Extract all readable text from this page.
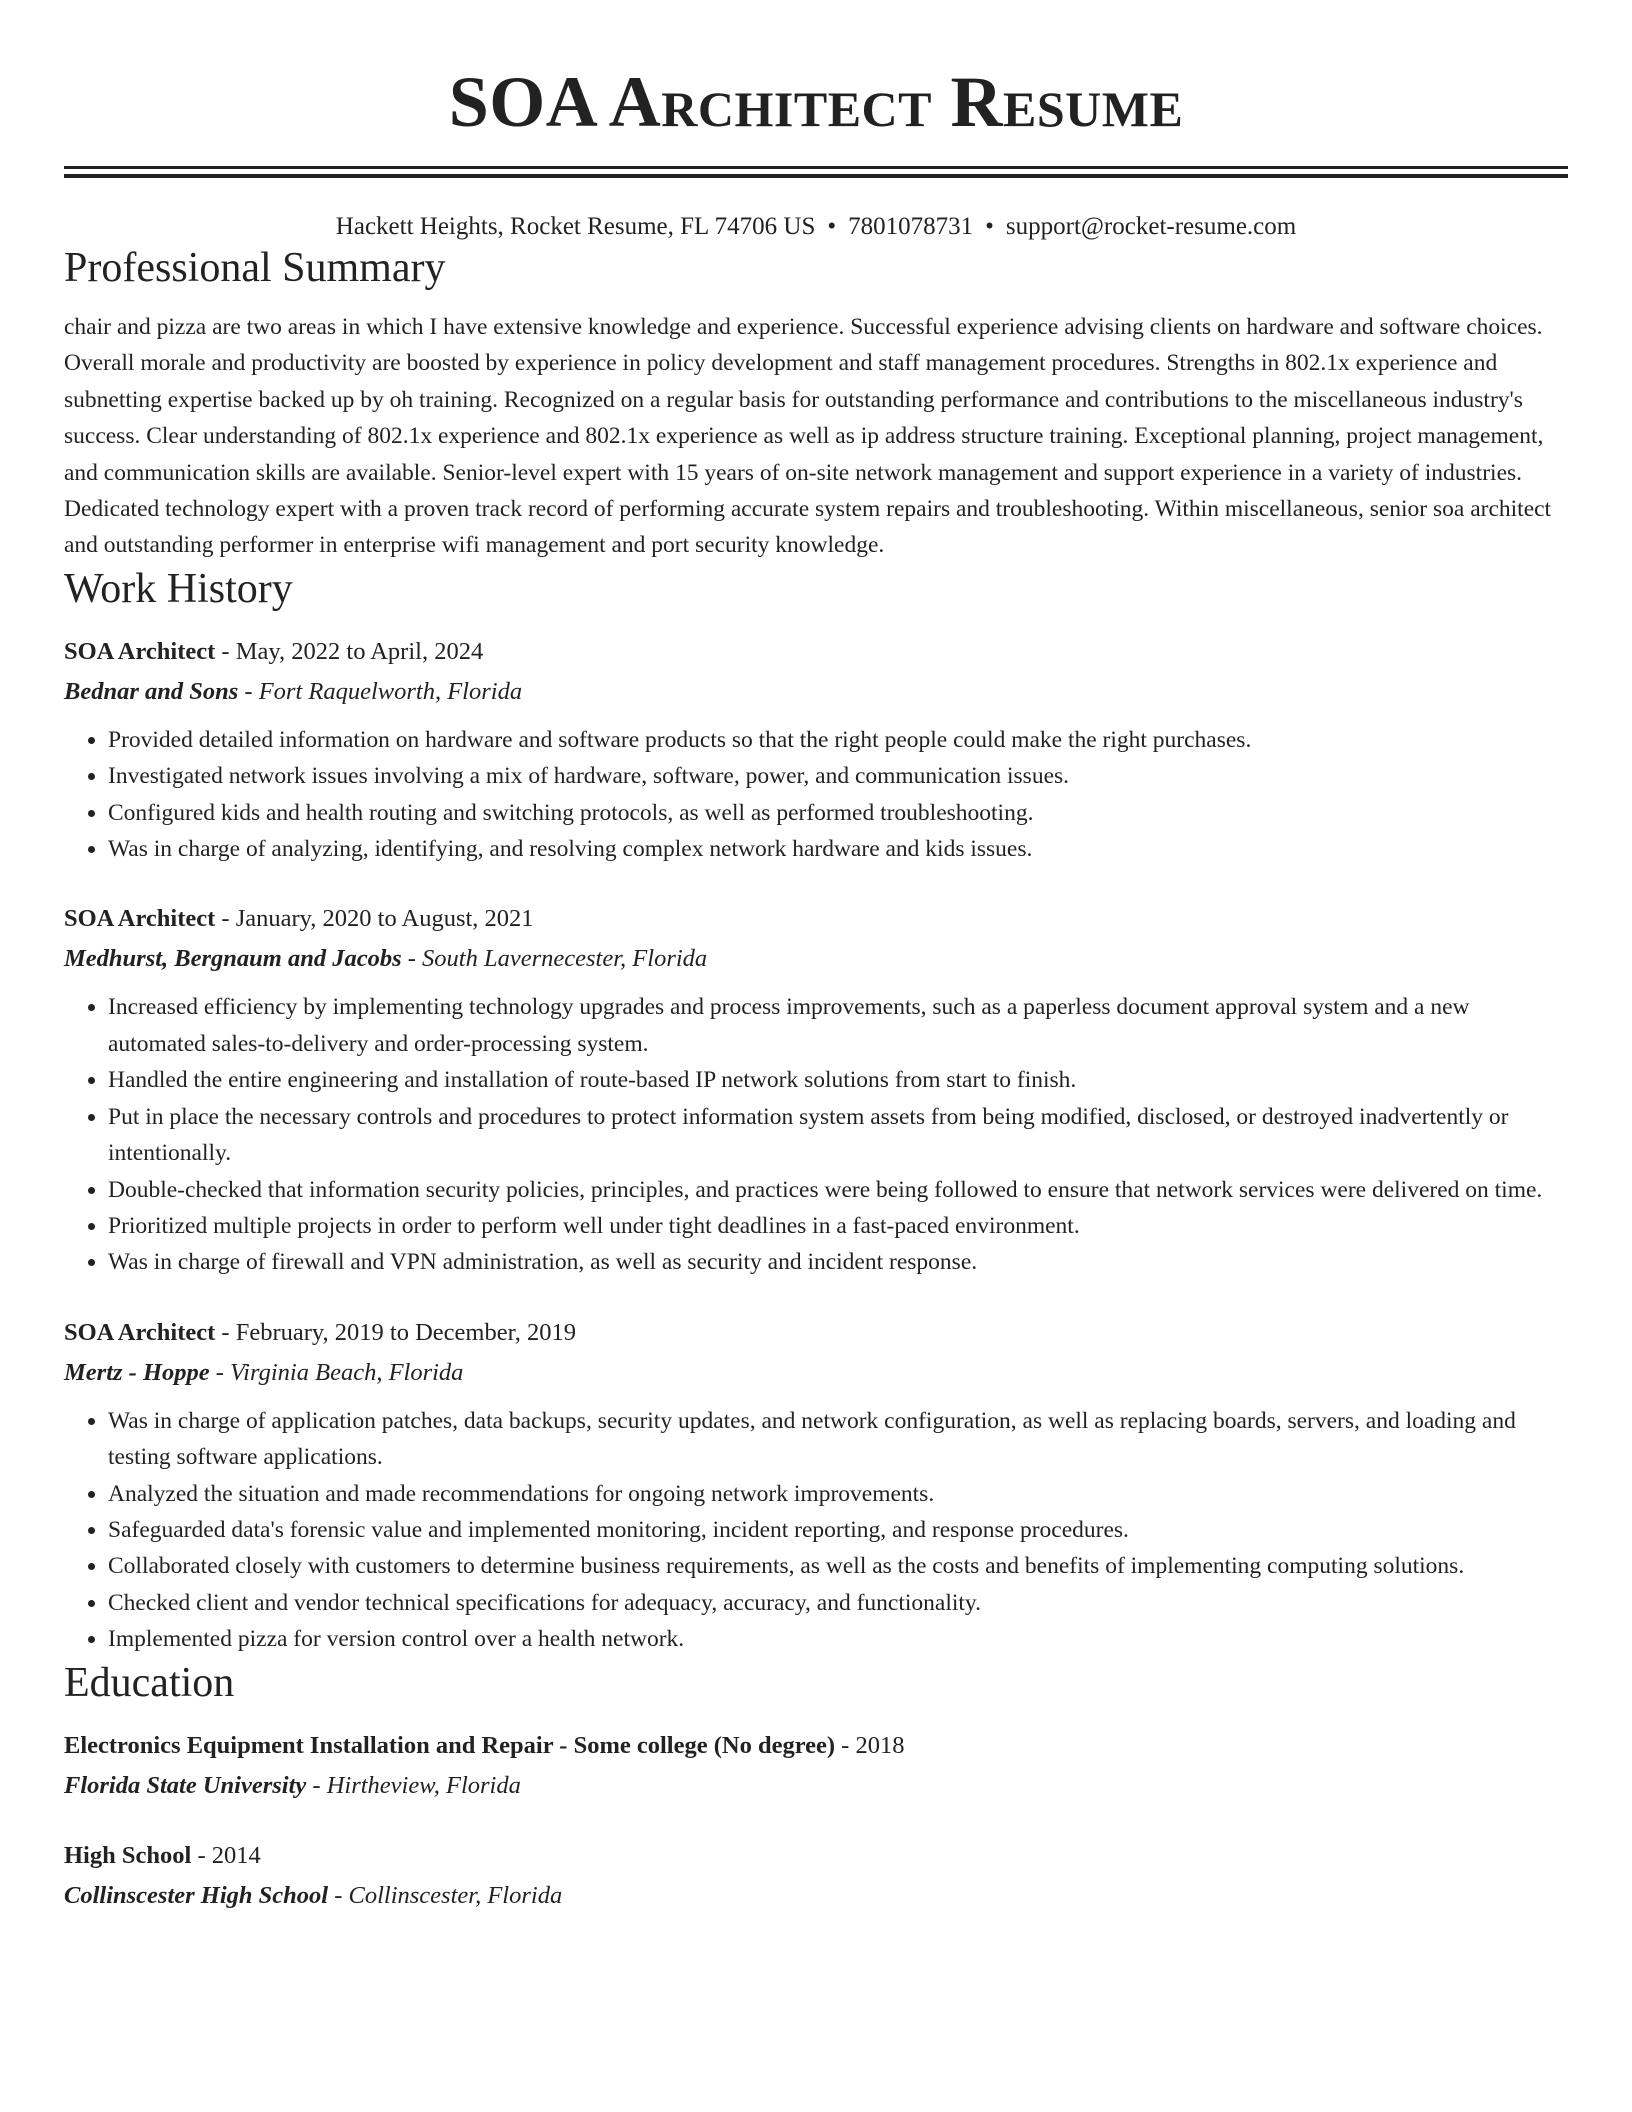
SOA Architect Resume
Hackett Heights, Rocket Resume, FL 74706 US • 7801078731 • support@rocket-resume.com
Professional Summary

chair and pizza are two areas in which I have extensive knowledge and experience. Successful experience advising clients on hardware and software choices. Overall morale and productivity are boosted by experience in policy development and staff management procedures. Strengths in 802.1x experience and subnetting expertise backed up by oh training. Recognized on a regular basis for outstanding performance and contributions to the miscellaneous industry's success. Clear understanding of 802.1x experience and 802.1x experience as well as ip address structure training. Exceptional planning, project management, and communication skills are available. Senior-level expert with 15 years of on-site network management and support experience in a variety of industries. Dedicated technology expert with a proven track record of performing accurate system repairs and troubleshooting. Within miscellaneous, senior soa architect and outstanding performer in enterprise wifi management and port security knowledge.

Work History
SOA Architect - May, 2022 to April, 2024
Bednar and Sons - Fort Raquelworth, Florida
• Provided detailed information on hardware and software products so that the right people could make the right purchases.
• Investigated network issues involving a mix of hardware, software, power, and communication issues.
• Configured kids and health routing and switching protocols, as well as performed troubleshooting.
• Was in charge of analyzing, identifying, and resolving complex network hardware and kids issues.
SOA Architect - January, 2020 to August, 2021
Medhurst, Bergnaum and Jacobs - South Lavernecester, Florida
• Increased efficiency by implementing technology upgrades and process improvements, such as a paperless document approval system and a new automated sales-to-delivery and order-processing system.
• Handled the entire engineering and installation of route-based IP network solutions from start to finish.
• Put in place the necessary controls and procedures to protect information system assets from being modified, disclosed, or destroyed inadvertently or intentionally.
• Double-checked that information security policies, principles, and practices were being followed to ensure that network services were delivered on time.
• Prioritized multiple projects in order to perform well under tight deadlines in a fast-paced environment.
• Was in charge of firewall and VPN administration, as well as security and incident response.
SOA Architect - February, 2019 to December, 2019
Mertz - Hoppe - Virginia Beach, Florida
• Was in charge of application patches, data backups, security updates, and network configuration, as well as replacing boards, servers, and loading and testing software applications.
• Analyzed the situation and made recommendations for ongoing network improvements.
• Safeguarded data's forensic value and implemented monitoring, incident reporting, and response procedures.
• Collaborated closely with customers to determine business requirements, as well as the costs and benefits of implementing computing solutions.
• Checked client and vendor technical specifications for adequacy, accuracy, and functionality.
• Implemented pizza for version control over a health network.
Education
Electronics Equipment Installation and Repair - Some college (No degree) - 2018
Florida State University - Hirtheview, Florida
High School - 2014
Collinscester High School - Collinscester, Florida
